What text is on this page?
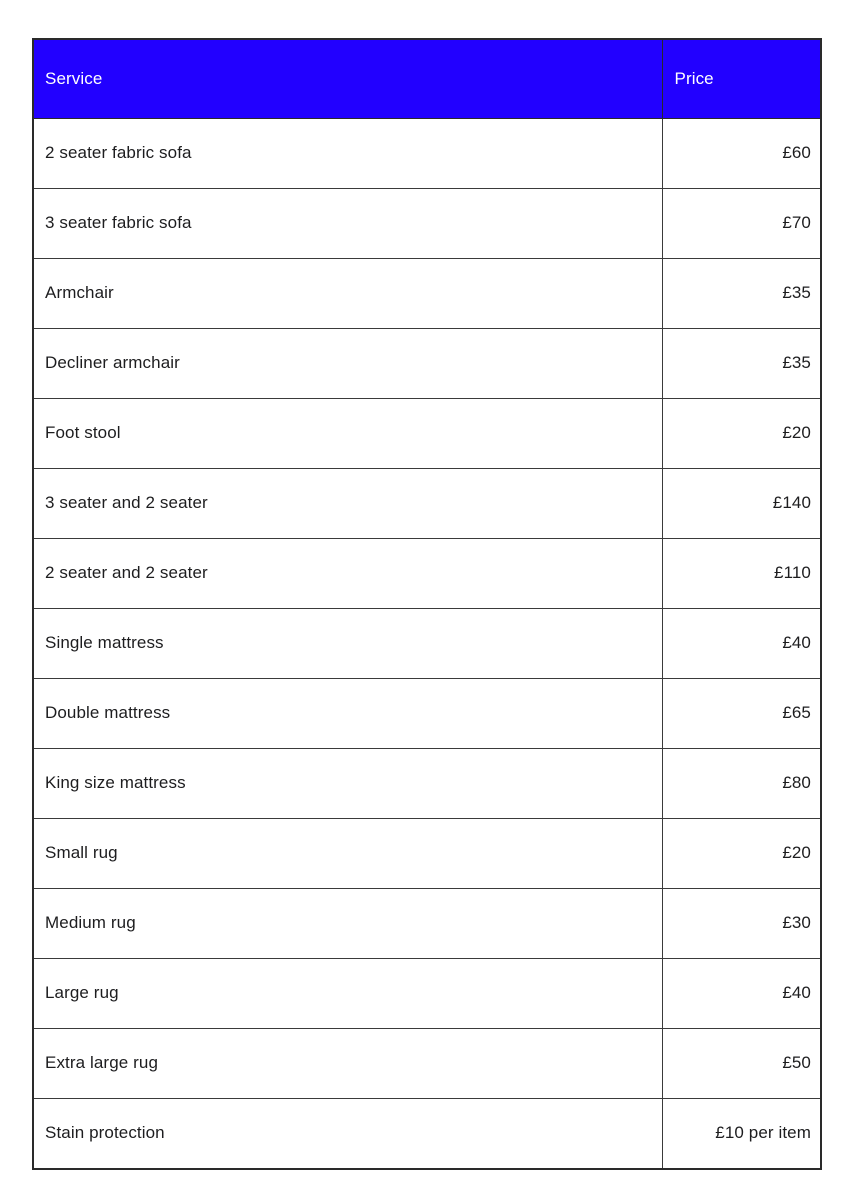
Service	Price
2 seater fabric sofa	£60
3 seater fabric sofa	£70
Armchair	£35
Decliner armchair	£35
Foot stool	£20
3 seater and 2 seater	£140
2 seater and 2 seater	£110
Single mattress	£40
Double mattress	£65
King size mattress	£80
Small rug	£20
Medium rug	£30
Large rug	£40
Extra large rug	£50
Stain protection	£10 per item
